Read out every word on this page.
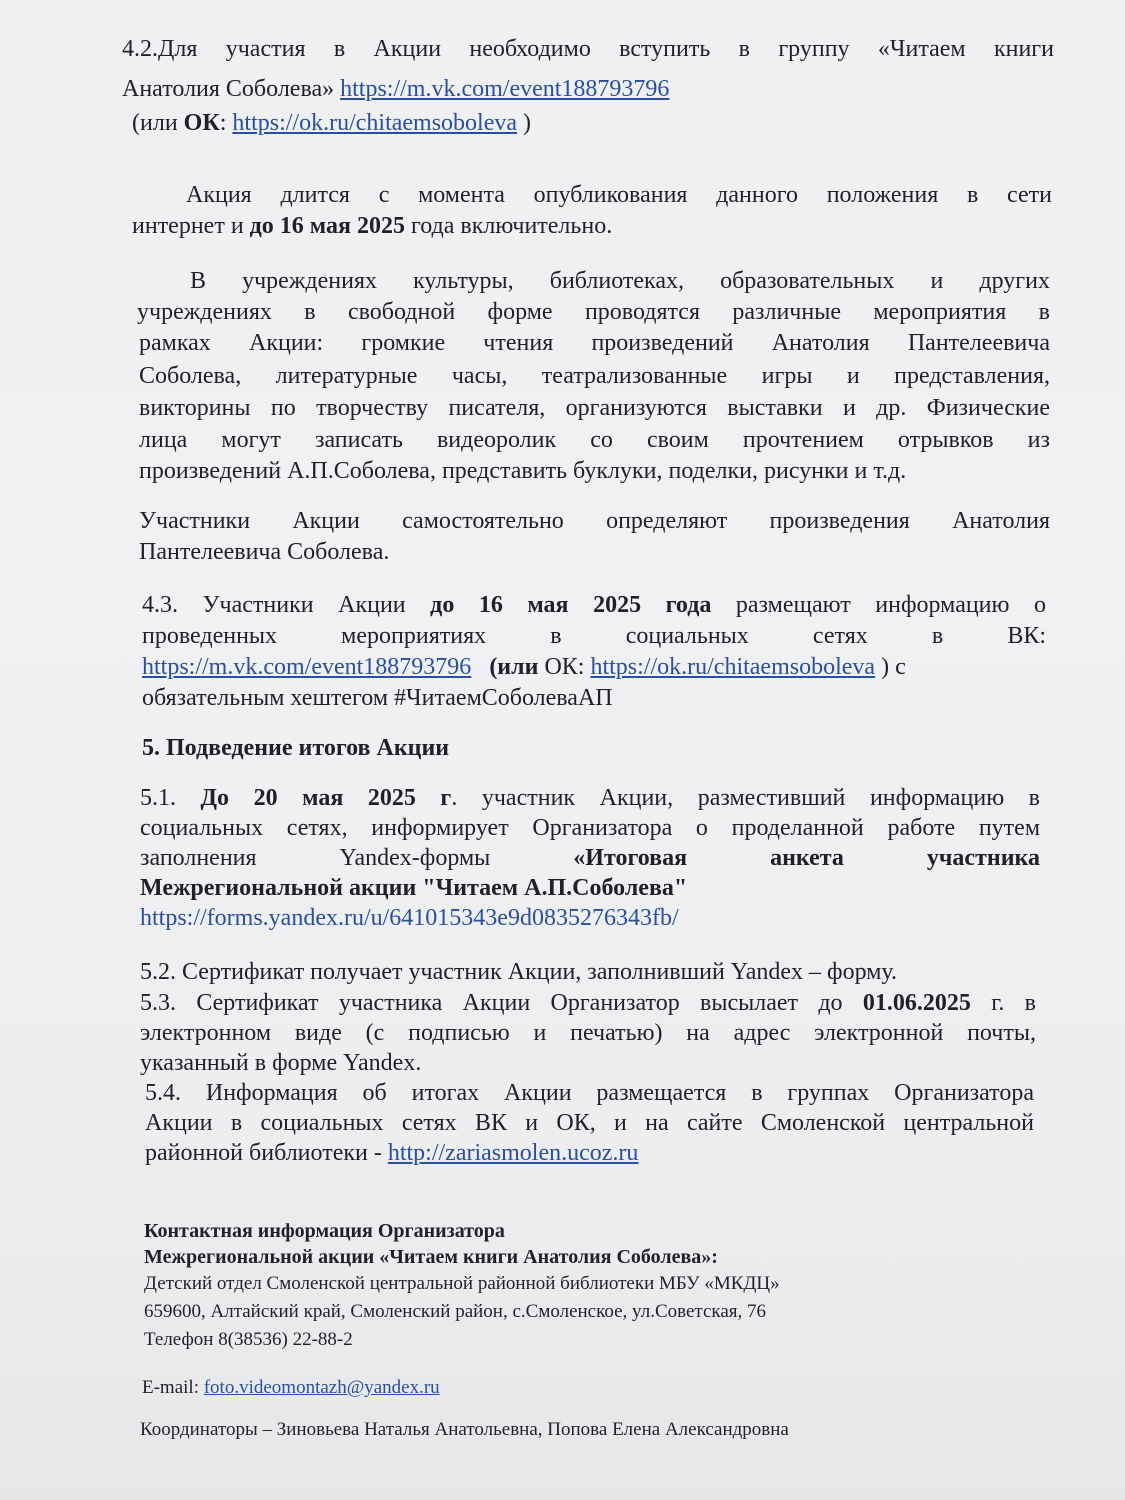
4.2.Для участия в Акции необходимо вступить в группу «Читаем книги

Анатолия Соболева» https://m.vk.com/event188793796

(или ОК: https://ok.ru/chitaemsoboleva )

Акция длится с момента опубликования данного положения в сети

интернет и до 16 мая 2025 года включительно.

В учреждениях культуры, библиотеках, образовательных и других

учреждениях в свободной форме проводятся различные мероприятия в

рамках Акции: громкие чтения произведений Анатолия Пантелеевича

Соболева, литературные часы, театрализованные игры и представления,

викторины по творчеству писателя, организуются выставки и др. Физические

лица могут записать видеоролик со своим прочтением отрывков из

произведений А.П.Соболева, представить буклуки, поделки, рисунки и т.д.

Участники Акции самостоятельно определяют произведения Анатолия

Пантелеевича Соболева.

4.3. Участники Акции до 16 мая 2025 года размещают информацию о

проведенных мероприятиях в социальных сетях в ВК:

https://m.vk.com/event188793796 (или ОК: https://ok.ru/chitaemsoboleva ) с

обязательным хештегом #ЧитаемСоболеваАП

5. Подведение итогов Акции

5.1. До 20 мая 2025 г. участник Акции, разместивший информацию в

социальных сетях, информирует Организатора о проделанной работе путем

заполнения Yandex-формы	«Итоговая анкета участника

Межрегиональной акции "Читаем А.П.Соболева"

https://forms.yandex.ru/u/641015343e9d0835276343fb/

5.2. Сертификат получает участник Акции, заполнивший Yandex – форму.

5.3. Сертификат участника Акции Организатор высылает до 01.06.2025 г. в

электронном виде (с подписью и печатью) на адрес электронной почты,

указанный в форме Yandex.

5.4. Информация об итогах Акции размещается в группах Организатора

Акции в социальных сетях ВК и ОК, и на сайте Смоленской центральной

районной библиотеки - http://zariasmolen.ucoz.ru

Контактная информация Организатора

Межрегиональной акции «Читаем книги Анатолия Соболева»:

Детский отдел Смоленской центральной районной библиотеки МБУ «МКДЦ»

659600, Алтайский край, Смоленский район, с.Смоленское, ул.Советская, 76

Телефон 8(38536) 22-88-2

E-mail: foto.videomontazh@yandex.ru

Координаторы – Зиновьева Наталья Анатольевна, Попова Елена Александровна
